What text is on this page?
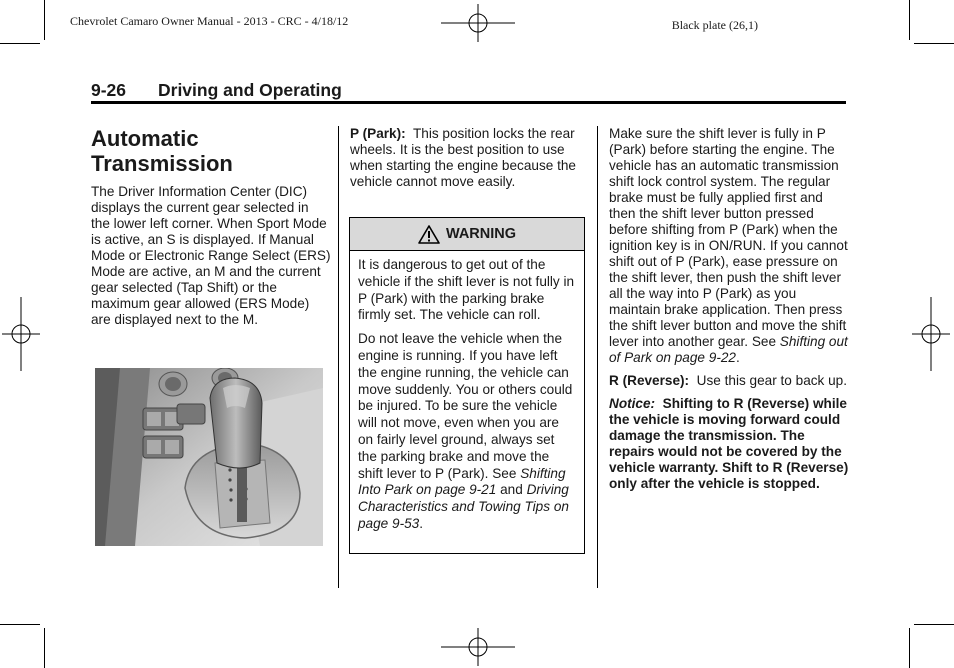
Chevrolet Camaro Owner Manual - 2013 - CRC - 4/18/12	Black plate (26,1)
9-26 Driving and Operating
Automatic Transmission

The Driver Information Center (DIC) displays the current gear selected in the lower left corner. When Sport Mode is active, an S is displayed. If Manual Mode or Electronic Range Select (ERS) Mode are active, an M and the current gear selected (Tap Shift) or the maximum gear allowed (ERS Mode) are displayed next to the M.

P (Park): This position locks the rear wheels. It is the best position to use when starting the engine because the vehicle cannot move easily.

WARNING

It is dangerous to get out of the vehicle if the shift lever is not fully in P (Park) with the parking brake firmly set. The vehicle can roll.

Do not leave the vehicle when the engine is running. If you have left the engine running, the vehicle can move suddenly. You or others could be injured. To be sure the vehicle will not move, even when you are on fairly level ground, always set the parking brake and move the shift lever to P (Park). See Shifting Into Park on page 9-21 and Driving Characteristics and Towing Tips on page 9-53.

Make sure the shift lever is fully in P (Park) before starting the engine. The vehicle has an automatic transmission shift lock control system. The regular brake must be fully applied first and then the shift lever button pressed before shifting from P (Park) when the ignition key is in ON/RUN. If you cannot shift out of P (Park), ease pressure on the shift lever, then push the shift lever all the way into P (Park) as you maintain brake application. Then press the shift lever button and move the shift lever into another gear. See Shifting out of Park on page 9-22.

R (Reverse): Use this gear to back up.

Notice: Shifting to R (Reverse) while the vehicle is moving forward could damage the transmission. The repairs would not be covered by the vehicle warranty. Shift to R (Reverse) only after the vehicle is stopped.
